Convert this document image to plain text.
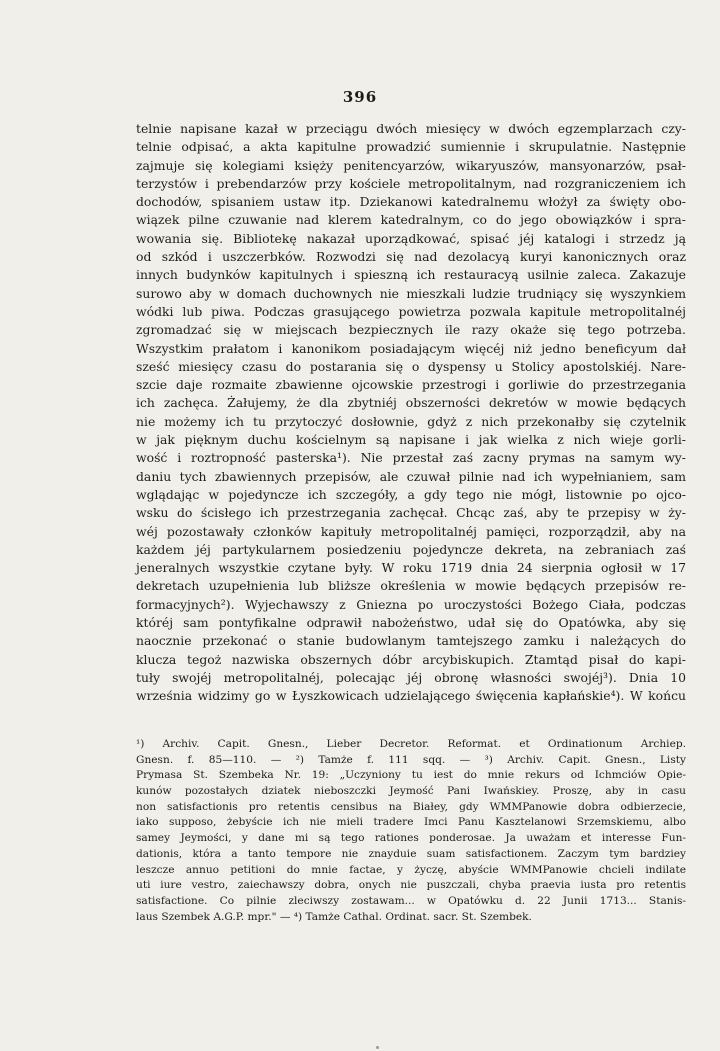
396
telnie napisane kazał w przeciągu dwóch miesięcy w dwóch egzemplarzach czy-
telnie odpisać, a akta kapitulne prowadzić sumiennie i skrupulatnie. Następnie
zajmuje się kolegiami księży penitencyarzów, wikaryuszów, mansyonarzów, psał-
terzystów i prebendarzów przy kościele metropolitalnym, nad rozgraniczeniem ich
dochodów, spisaniem ustaw itp. Dziekanowi katedralnemu włożył za święty obo-
wiązek pilne czuwanie nad klerem katedralnym, co do jego obowiązków i spra-
wowania się. Bibliotekę nakazał uporządkować, spisać jéj katalogi i strzedz ją
od szkód i uszczerbków. Rozwodzi się nad dezolacyą kuryi kanonicznych oraz
innych budynków kapitulnych i spieszną ich restauracyą usilnie zaleca. Zakazuje
surowo aby w domach duchownych nie mieszkali ludzie trudniący się wyszynkiem
wódki lub piwa. Podczas grasującego powietrza pozwala kapitule metropolitalnéj
zgromadzać się w miejscach bezpiecznych ile razy okaże się tego potrzeba.
Wszystkim prałatom i kanonikom posiadającym więcéj niż jedno beneficyum dał
sześć miesięcy czasu do postarania się o dyspensy u Stolicy apostolskiéj. Nare-
szcie daje rozmaite zbawienne ojcowskie przestrogi i gorliwie do przestrzegania
ich zachęca. Żałujemy, że dla zbytniéj obszerności dekretów w mowie będących
nie możemy ich tu przytoczyć dosłownie, gdyż z nich przekonałby się czytelnik
w jak pięknym duchu kościelnym są napisane i jak wielka z nich wieje gorli-
wość i roztropność pasterska¹). Nie przestał zaś zacny prymas na samym wy-
daniu tych zbawiennych przepisów, ale czuwał pilnie nad ich wypełnianiem, sam
wglądając w pojedyncze ich szczegóły, a gdy tego nie mógł, listownie po ojco-
wsku do ścisłego ich przestrzegania zachęcał. Chcąc zaś, aby te przepisy w ży-
wéj pozostawały członków kapituły metropolitalnéj pamięci, rozporządził, aby na
każdem jéj partykularnem posiedzeniu pojedyncze dekreta, na zebraniach zaś
jeneralnych wszystkie czytane były. W roku 1719 dnia 24 sierpnia ogłosił w 17
dekretach uzupełnienia lub bliższe określenia w mowie będących przepisów re-
formacyjnych²). Wyjechawszy z Gniezna po uroczystości Bożego Ciała, podczas
któréj sam pontyfikalne odprawił nabożeństwo, udał się do Opatówka, aby się
naocznie przekonać o stanie budowlanym tamtejszego zamku i należących do
klucza tegoż nazwiska obszernych dóbr arcybiskupich. Ztamtąd pisał do kapi-
tuły swojéj metropolitalnéj, polecając jéj obronę własności swojéj³). Dnia 10
września widzimy go w Łyszkowicach udzielającego święcenia kapłańskie⁴). W końcu
¹) Archiv. Capit. Gnesn., Lieber Decretor. Reformat. et Ordinationum Archiep.
Gnesn. f. 85—110. — ²) Tamże f. 111 sqq. — ³) Archiv. Capit. Gnesn., Listy
Prymasa St. Szembeka Nr. 19: „Uczyniony tu iest do mnie rekurs od Ichmciów Opie-
kunów pozostałych dziatek nieboszczki Jeymość Pani Iwańskiey. Proszę, aby in casu
non satisfactionis pro retentis censibus na Białey, gdy WMMPanowie dobra odbierzecie,
iako supposo, żebyście ich nie mieli tradere Imci Panu Kasztelanowi Srzemskiemu, albo
samey Jeymości, y dane mi są tego rationes ponderosae. Ja uważam et interesse Fun-
dationis, która a tanto tempore nie znayduie suam satisfactionem. Zaczym tym bardziey
leszcze annuo petitioni do mnie factae, y życzę, abyście WMMPanowie chcieli indilate
uti iure vestro, zaiechawszy dobra, onych nie puszczali, chyba praevia iusta pro retentis
satisfactione. Co pilnie zleciwszy zostawam... w Opatówku d. 22 Junii 1713... Stanis-
laus Szembek A.G.P. mpr." — ⁴) Tamże Cathal. Ordinat. sacr. St. Szembek.
